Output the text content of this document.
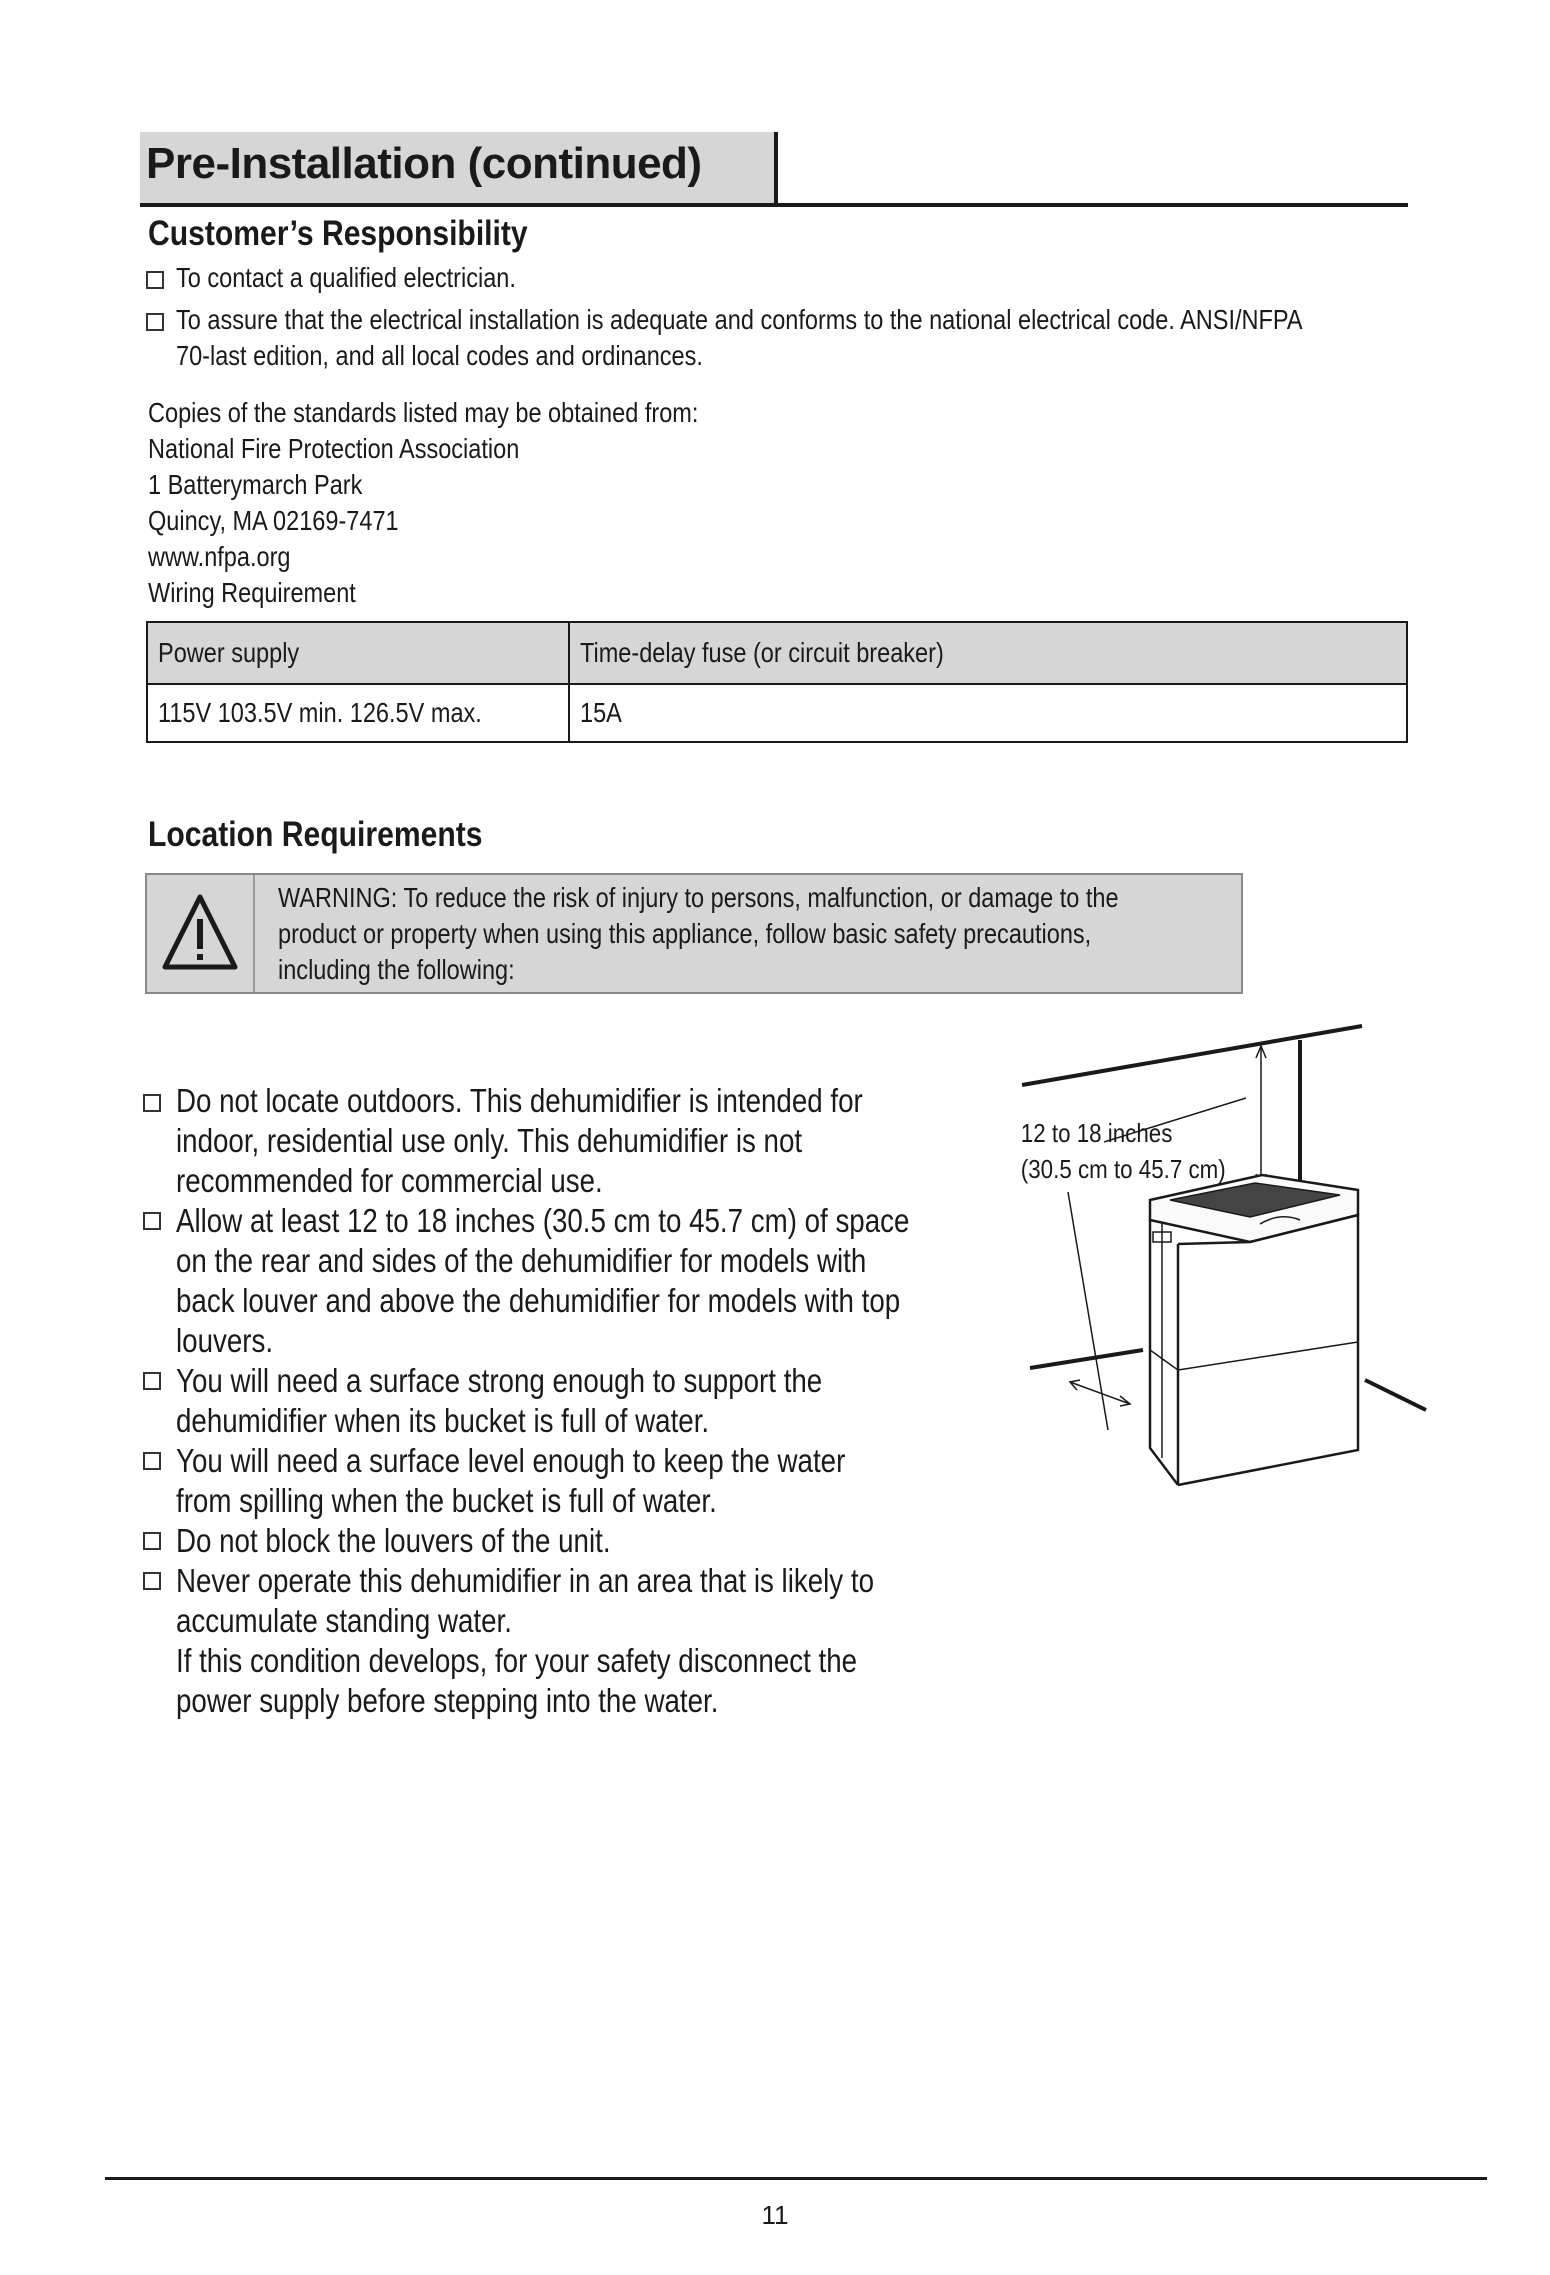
Pre-Installation (continued)
Customer’s Responsibility
To contact a qualified electrician.
To assure that the electrical installation is adequate and conforms to the national electrical code. ANSI/NFPA
70-last edition, and all local codes and ordinances.
Copies of the standards listed may be obtained from:
National Fire Protection Association
1 Batterymarch Park
Quincy, MA 02169-7471
www.nfpa.org
Wiring Requirement
Power supply	Time-delay fuse (or circuit breaker)
115V 103.5V min. 126.5V max.	15A
Location Requirements
WARNING: To reduce the risk of injury to persons, malfunction, or damage to the
product or property when using this appliance, follow basic safety precautions,
including the following:
Do not locate outdoors. This dehumidifier is intended for
indoor, residential use only. This dehumidifier is not
recommended for commercial use.
Allow at least 12 to 18 inches (30.5 cm to 45.7 cm) of space
on the rear and sides of the dehumidifier for models with
back louver and above the dehumidifier for models with top
louvers.
You will need a surface strong enough to support the
dehumidifier when its bucket is full of water.
You will need a surface level enough to keep the water
from spilling when the bucket is full of water.
Do not block the louvers of the unit.
Never operate this dehumidifier in an area that is likely to
accumulate standing water.
If this condition develops, for your safety disconnect the
power supply before stepping into the water.
12 to 18 inches
(30.5 cm to 45.7 cm)
11
